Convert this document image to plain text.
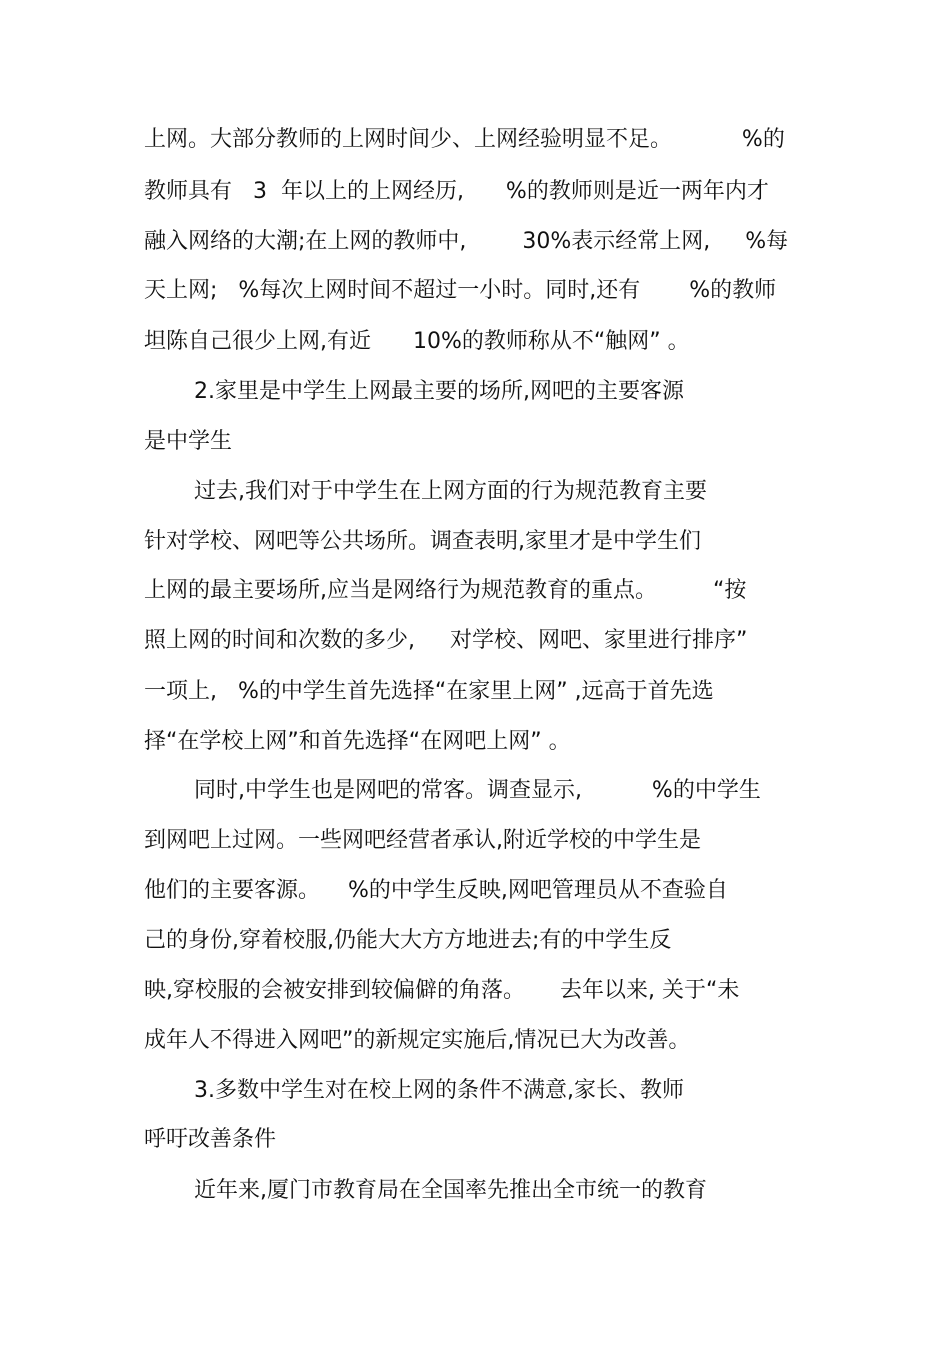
上网。大部分教师的上网时间少、上网经验明显不足。          %的
教师具有   3  年以上的上网经历,      %的教师则是近一两年内才
融入网络的大潮;在上网的教师中,        30%表示经常上网,     %每
天上网;   %每次上网时间不超过一小时。同时,还有       %的教师
坦陈自己很少上网,有近      10%的教师称从不“触网” 。
2.家里是中学生上网最主要的场所,网吧的主要客源
是中学生
过去,我们对于中学生在上网方面的行为规范教育主要
针对学校、网吧等公共场所。调查表明,家里才是中学生们
上网的最主要场所,应当是网络行为规范教育的重点。        “按
照上网的时间和次数的多少,     对学校、网吧、家里进行排序”
一项上,   %的中学生首先选择“在家里上网” ,远高于首先选
择“在学校上网”和首先选择“在网吧上网” 。
同时,中学生也是网吧的常客。调查显示,          %的中学生
到网吧上过网。一些网吧经营者承认,附近学校的中学生是
他们的主要客源。    %的中学生反映,网吧管理员从不查验自
己的身份,穿着校服,仍能大大方方地进去;有的中学生反
映,穿校服的会被安排到较偏僻的角落。     去年以来, 关于“未
成年人不得进入网吧”的新规定实施后,情况已大为改善。
3.多数中学生对在校上网的条件不满意,家长、教师
呼吁改善条件
近年来,厦门市教育局在全国率先推出全市统一的教育
